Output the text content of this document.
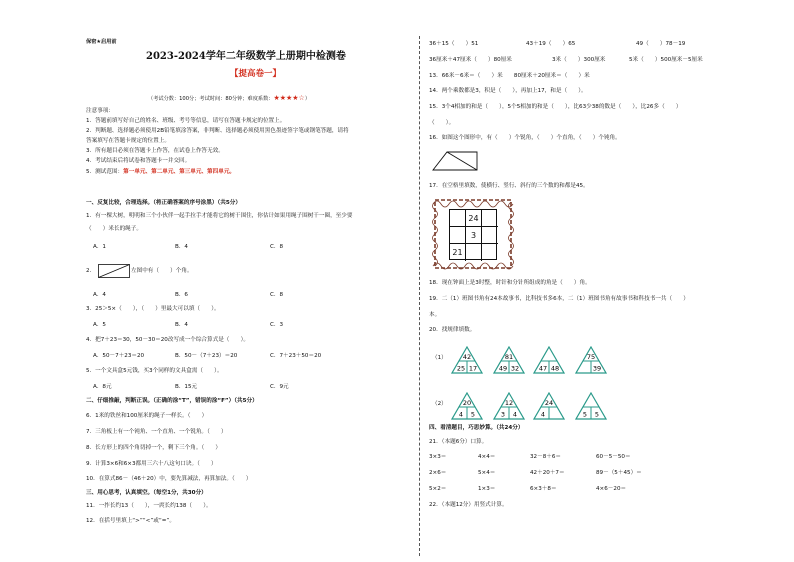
保密★启用前
2023-2024学年二年级数学上册期中检测卷
【提高卷一】
（考试分数：100分；考试时间：80分钟；难度系数：★★★★☆）
注意事项：
1．答题前填写好自己的姓名、班级、考号等信息，请写在答题卡规定的位置上。
2．判断题、选择题必须使用2B铅笔填涂答案，非判断、选择题必须使用黑色墨迹签字笔或钢笔答题，请将
答案填写在答题卡规定的位置上。
3．所有题目必须在答题卡上作答，在试卷上作答无效。
4．考试结束后将试卷和答题卡一并交回。
5．测试范围：第一单元、第二单元、第三单元、第四单元。
一、反复比较，合理选择。（将正确答案的序号涂黑）（共5分）
1．有一棵大树，明明和三个小伙伴一起手拉手才能将它的树干围住，你估计如果用绳子围树干一圈，至少要
（　　）米长的绳子。
A．1	B．4	C．8
2．	左图中有（　　）个角。
A．4	B．6	C．8
3．25＞5×（　　），（　　）里最大可以填（　　）。
A．5	B．4	C．3
4．把7＋23＝30，50－30＝20改写成一个综合算式是（　　）。
A．50－7＋23＝20	B．50－（7＋23）＝20	C．7＋23＋50＝20
5．一个文具盒5元钱，买3个同样的文具盒需（　　）。
A．8元	B．15元	C．9元
二、仔细推敲，判断正误。（正确的涂“T”，错误的涂“F”）（共5分）
6．1米的铁丝和100厘米的绳子一样长。（　　）
7．三角板上有一个钝角、一个直角、一个锐角。（　　）
8．长方形上的四个角切掉一个，剩下三个角。（　　）
9．计算3×6和6×3都用三六十八这句口诀。（　　）
10．在算式86－（46＋20）中，要先算减法，再算加法。（　　）
三、用心思考，认真填空。（每空1分，共30分）
11．一拃长约13（　　），一庹长约138（　　）。
12．在括号里填上“>”“<”或“=”。
36＋15（　　）51	43＋19（　　）65	49（　　）78－19
36厘米＋47厘米（　　）80厘米	3米（　　）300厘米	5米（　　）500厘米－5厘米
13．66米－6米＝（　　）米　　80厘米＋20厘米＝（　　）米
14．两个乘数都是3，积是（　　），再加上17，和是（　　）。
15．3个4相加的和是（　　），5个5相加的和是（　　），比63少38的数是（　　），比26多（　　）
（　　）。
16．如图这个图形中，有（　　）个锐角，（　　）个直角，（　　）个钝角。
17．在空格里填数，使横行、竖行、斜行的三个数的和都是45。
24
3
21
18．现在钟面上是3时整，时针和分针所组成的角是（　　）角。
19．二（1）班图书角有24本故事书，比科技书多6本，二（1）班图书角有故事书和科技书一共（　　）
本。
20．找规律填数。
（1）
（2）
42
25 17
81
49 32	47 48
75
39
20
4 5
12
3 4
24
4	5 5
四、看清题目，巧思妙算。（共24分）
21．（本题6分）口算。
3×3＝	4×4＝	32－8＋6＝	60－5－50＝
2×6＝	5×4＝	42＋20＋7＝	89－（5＋45）＝
5×2＝	1×3＝	6×3＋8＝	4×6－20＝
22．（本题12分）用竖式计算。
